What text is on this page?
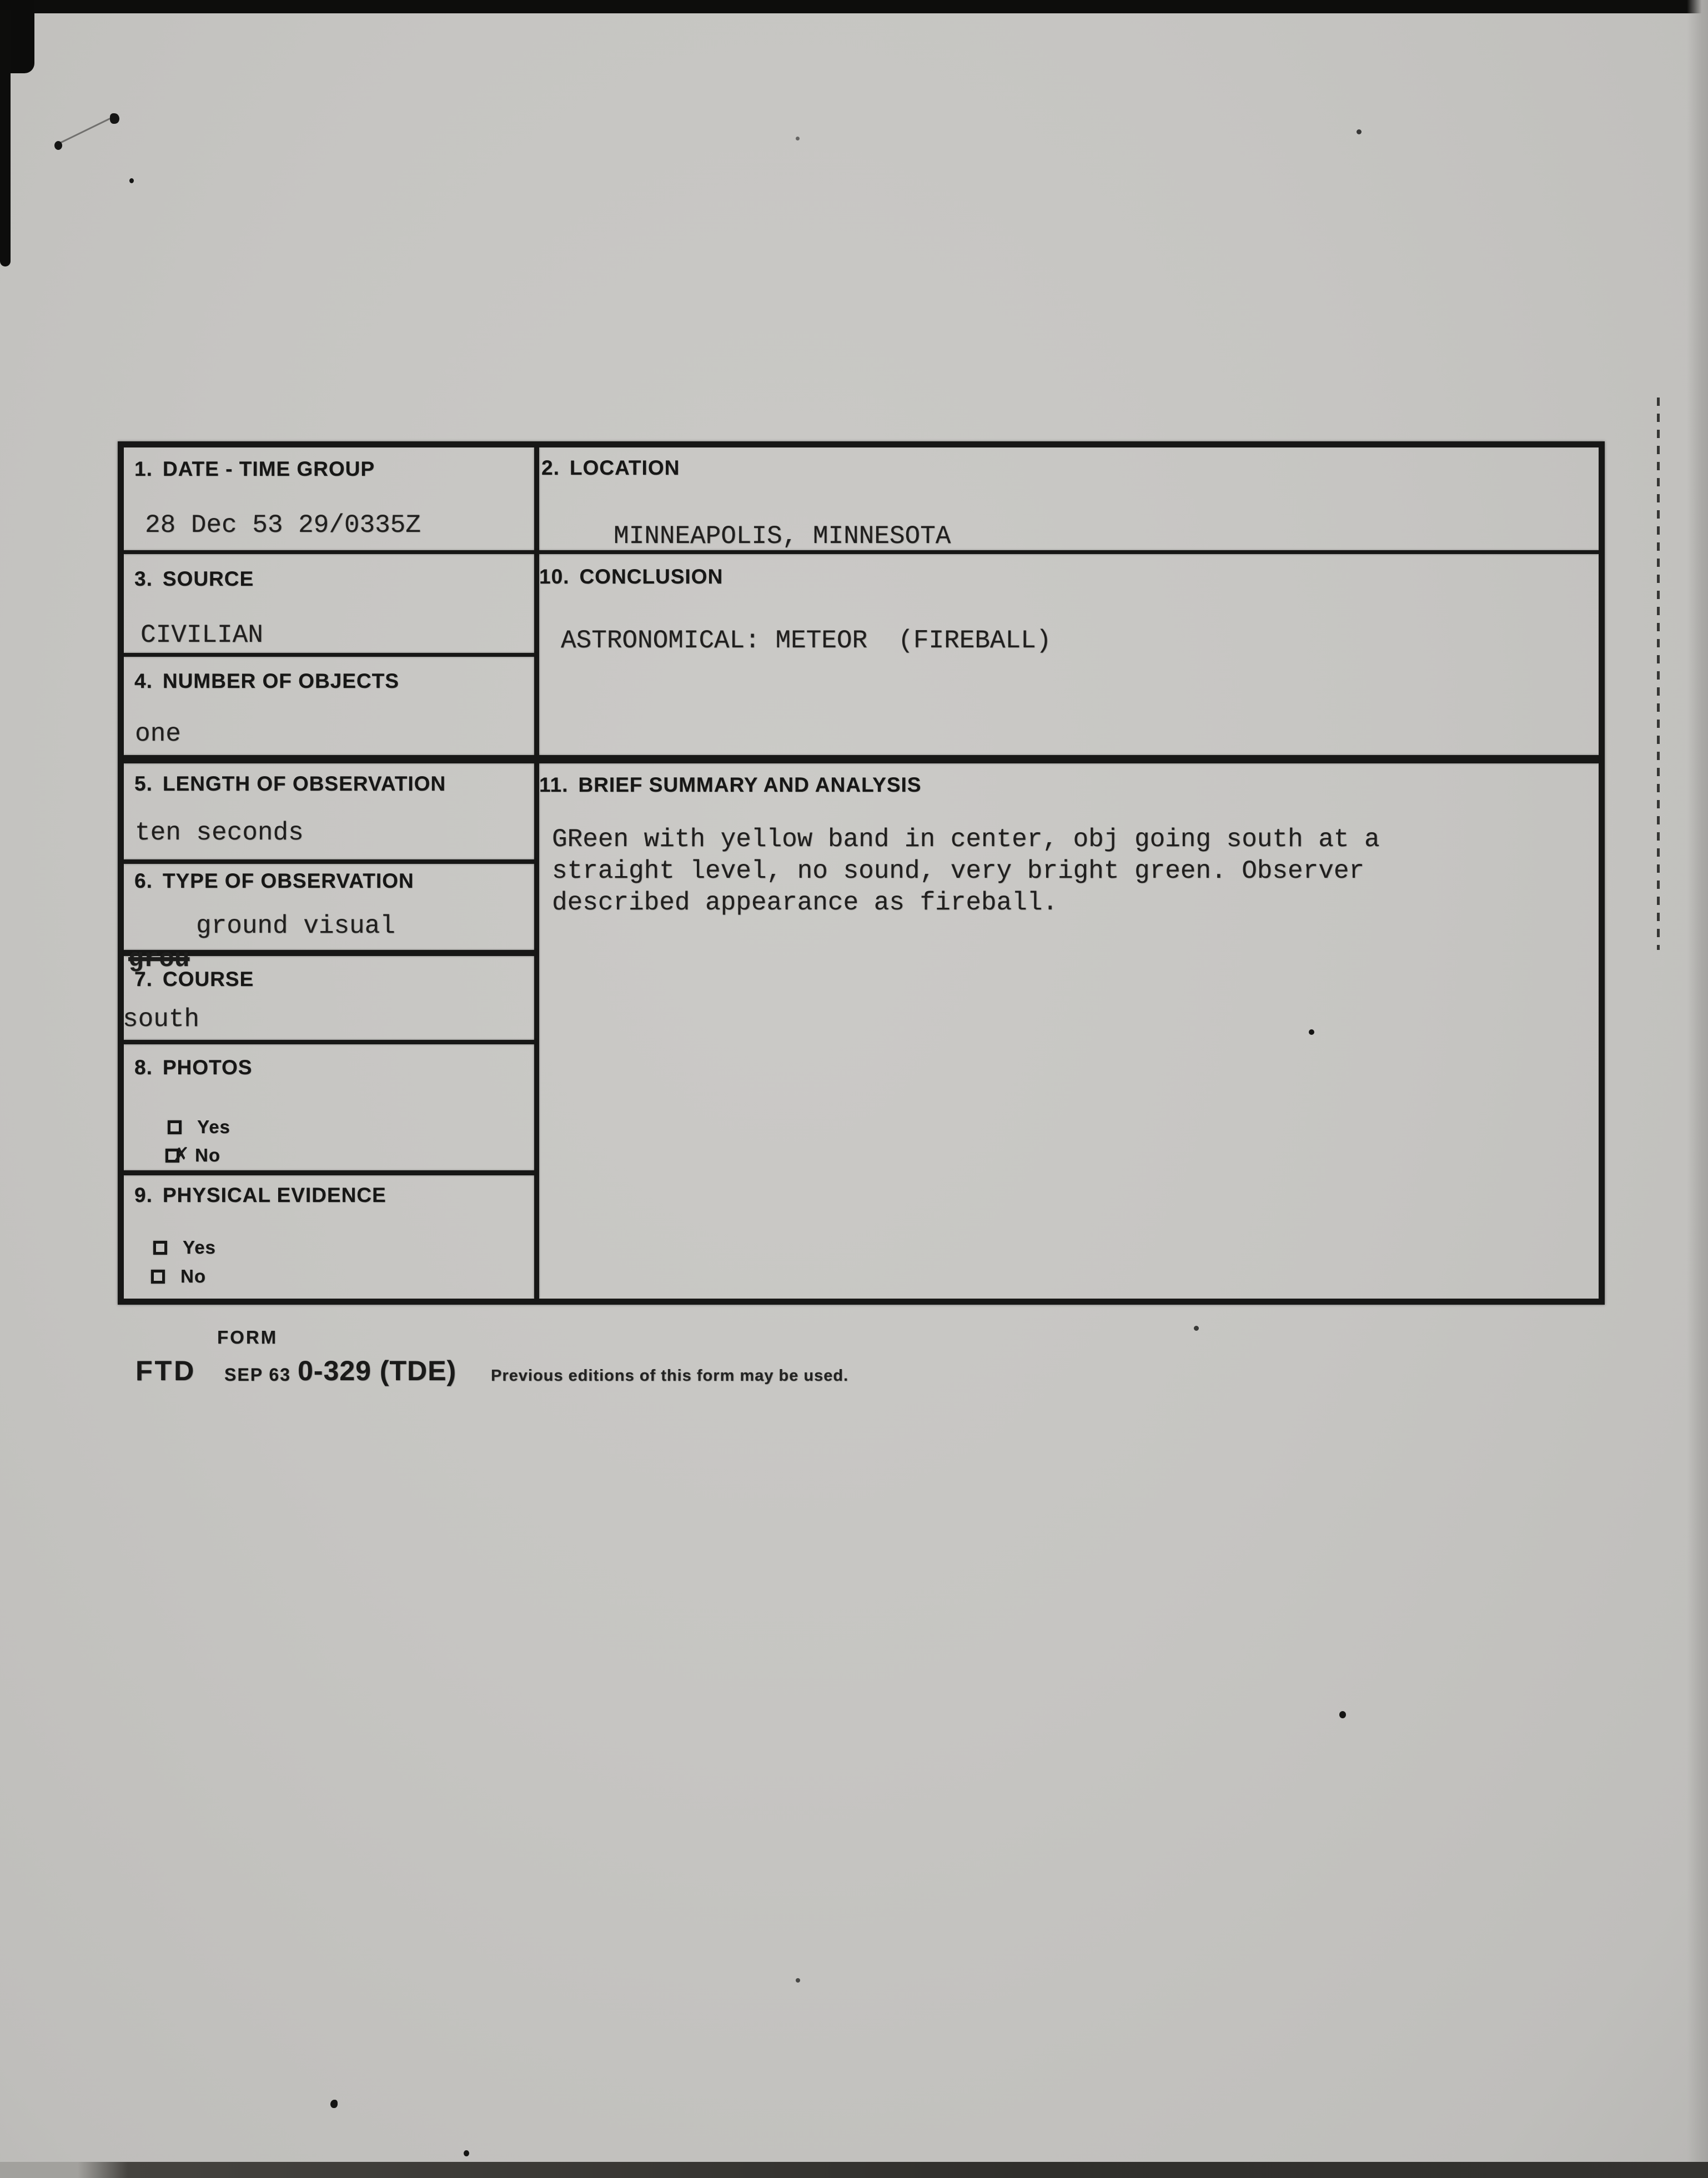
1. DATE - TIME GROUP
28 Dec 53 29/0335Z
2. LOCATION
MINNEAPOLIS, MINNESOTA
3. SOURCE
CIVILIAN
4. NUMBER OF OBJECTS
one
10. CONCLUSION
ASTRONOMICAL: METEOR  (FIREBALL)
5. LENGTH OF OBSERVATION
ten seconds
11. BRIEF SUMMARY AND ANALYSIS
GReen with yellow band in center, obj going south at a straight level, no sound, very bright green. Observer described appearance as fireball.
6. TYPE OF OBSERVATION
ground visual
grou
7. COURSE
south
8. PHOTOS
Yes
✗ No
9. PHYSICAL EVIDENCE
Yes
No
FORM
FTD SEP 63 0-329 (TDE) Previous editions of this form may be used.
